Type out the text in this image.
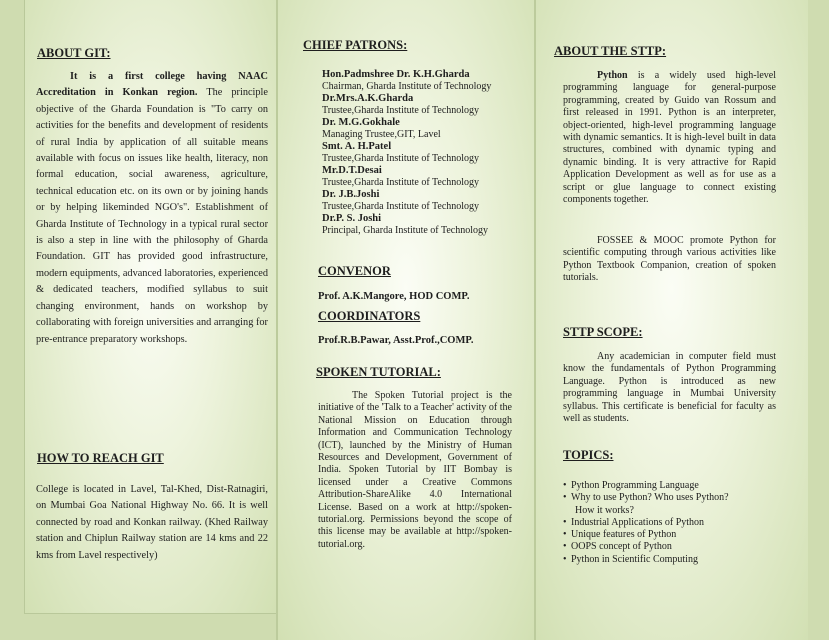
ABOUT GIT:

It is a first college having NAAC Accreditation in Konkan region. The principle objective of the Gharda Foundation is "To carry on activities for the benefits and development of residents of rural India by application of all suitable means available with focus on issues like health, literacy, non formal education, social awareness, agriculture, technical education etc. on its own or by joining hands or by helping likeminded NGO's". Establishment of Gharda Institute of Technology in a typical rural sector is also a step in line with the philosophy of Gharda Foundation. GIT has provided good infrastructure, modern equipments, advanced laboratories, experienced & dedicated teachers, modified syllabus to suit changing environment, hands on workshop by collaborating with foreign universities and arranging for pre-entrance preparatory workshops.

HOW TO REACH GIT

College is located in Lavel, Tal-Khed, Dist-Ratnagiri, on Mumbai Goa National Highway No. 66. It is well connected by road and Konkan railway. (Khed Railway station and Chiplun Railway station are 14 kms and 22 kms from Lavel respectively)

CHIEF PATRONS:
Hon.Padmshree Dr. K.H.Gharda
Chairman, Gharda Institute of Technology
Dr.Mrs.A.K.Gharda
Trustee,Gharda Institute of Technology
Dr. M.G.Gokhale
Managing Trustee,GIT, Lavel
Smt. A. H.Patel
Trustee,Gharda Institute of Technology
Mr.D.T.Desai
Trustee,Gharda Institute of Technology
Dr. J.B.Joshi
Trustee,Gharda Institute of Technology
Dr.P. S. Joshi
Principal, Gharda Institute of Technology
CONVENOR

Prof. A.K.Mangore, HOD COMP.

COORDINATORS

Prof.R.B.Pawar, Asst.Prof.,COMP.

SPOKEN TUTORIAL:

The Spoken Tutorial project is the initiative of the 'Talk to a Teacher' activity of the National Mission on Education through Information and Communication Technology (ICT), launched by the Ministry of Human Resources and Development, Government of India. Spoken Tutorial by IIT Bombay is licensed under a Creative Commons Attribution-ShareAlike 4.0 International License. Based on a work at http://spoken-tutorial.org. Permissions beyond the scope of this license may be available at http://spoken-tutorial.org.

ABOUT THE STTP:

Python is a widely used high-level programming language for general-purpose programming, created by Guido van Rossum and first released in 1991. Python is an interpreter, object-oriented, high-level programming language with dynamic semantics. It is high-level built in data structures, combined with dynamic typing and dynamic binding. It is very attractive for Rapid Application Development as well as for use as a script or glue language to connect existing components together.

FOSSEE & MOOC promote Python for scientific computing through various activities like Python Textbook Companion, creation of spoken tutorials.

STTP SCOPE:

Any academician in computer field must know the fundamentals of Python Programming Language. Python is introduced as new programming language in Mumbai University syllabus. This certificate is beneficial for faculty as well as students.

TOPICS:
• Python Programming Language
• Why to use Python? Who uses Python?
How it works?
• Industrial Applications of Python
• Unique features of Python
• OOPS concept of Python
• Python in Scientific Computing
